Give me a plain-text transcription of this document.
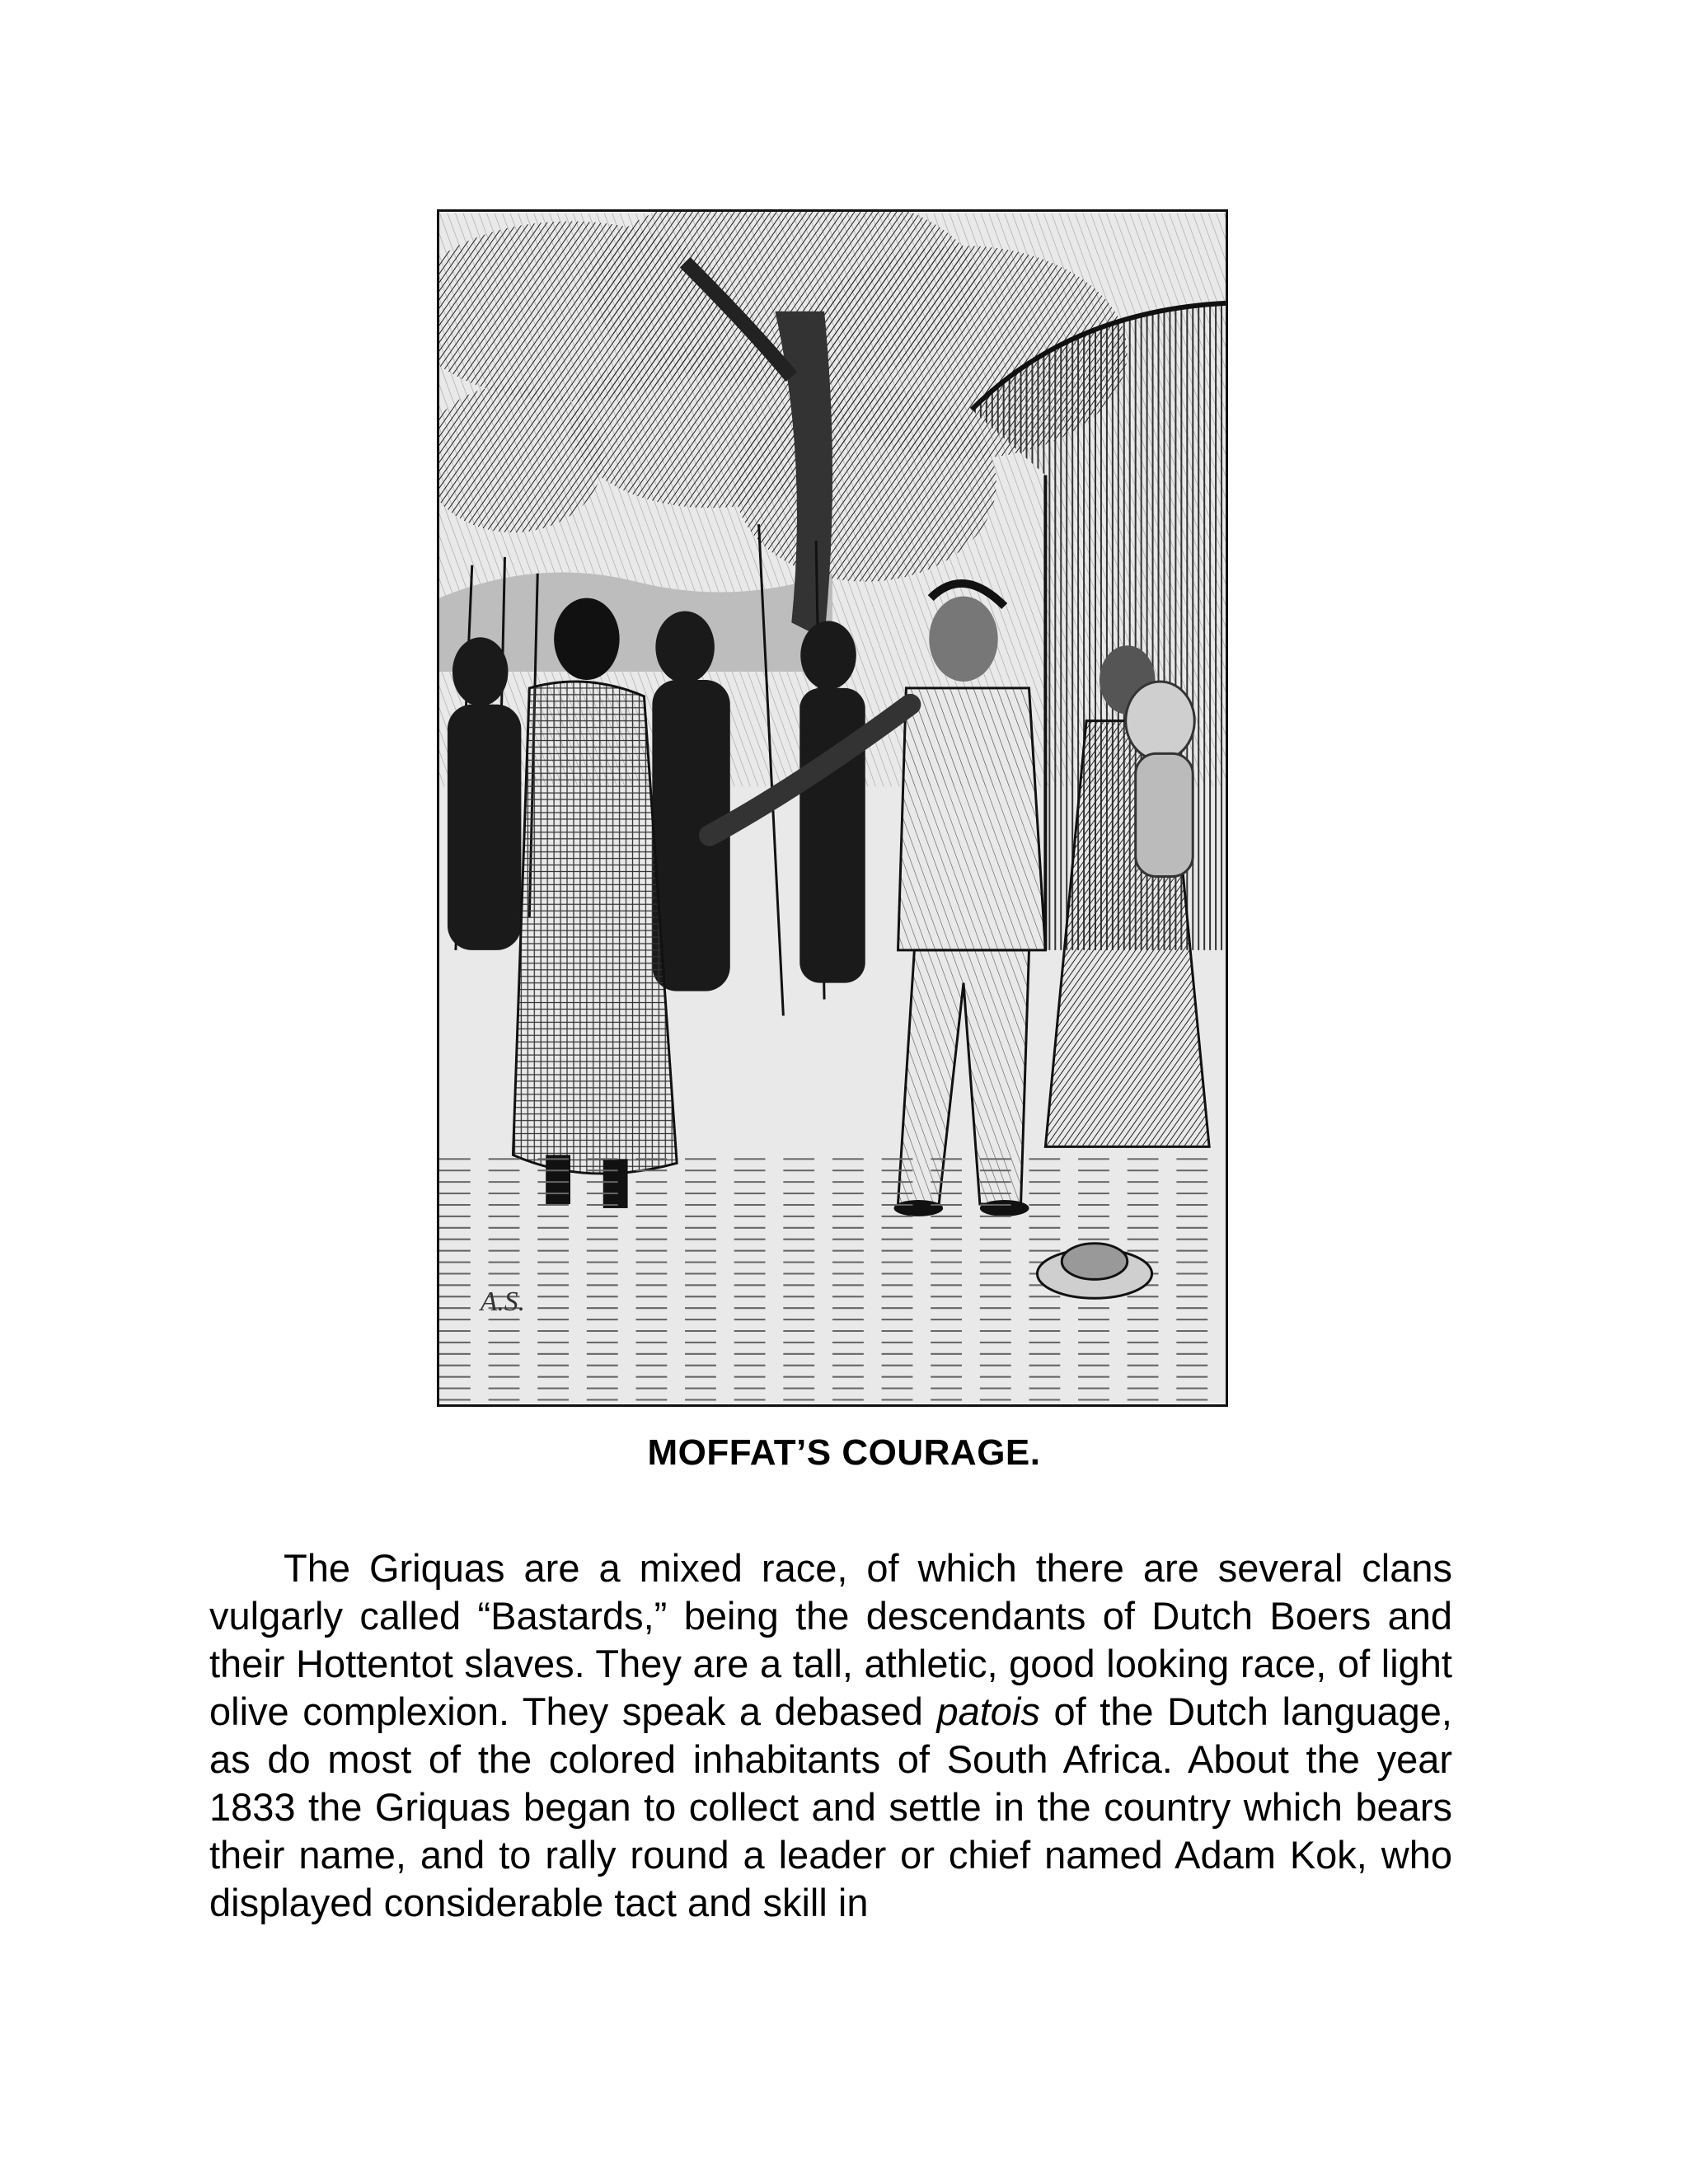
A.S.
MOFFAT’S COURAGE.

The Griquas are a mixed race, of which there are several clans vulgarly called “Bastards,” being the descendants of Dutch Boers and their Hottentot slaves. They are a tall, athletic, good looking race, of light olive complexion. They speak a debased patois of the Dutch language, as do most of the colored inhabitants of South Africa. About the year 1833 the Griquas began to collect and settle in the country which bears their name, and to rally round a leader or chief named Adam Kok, who displayed considerable tact and skill in
